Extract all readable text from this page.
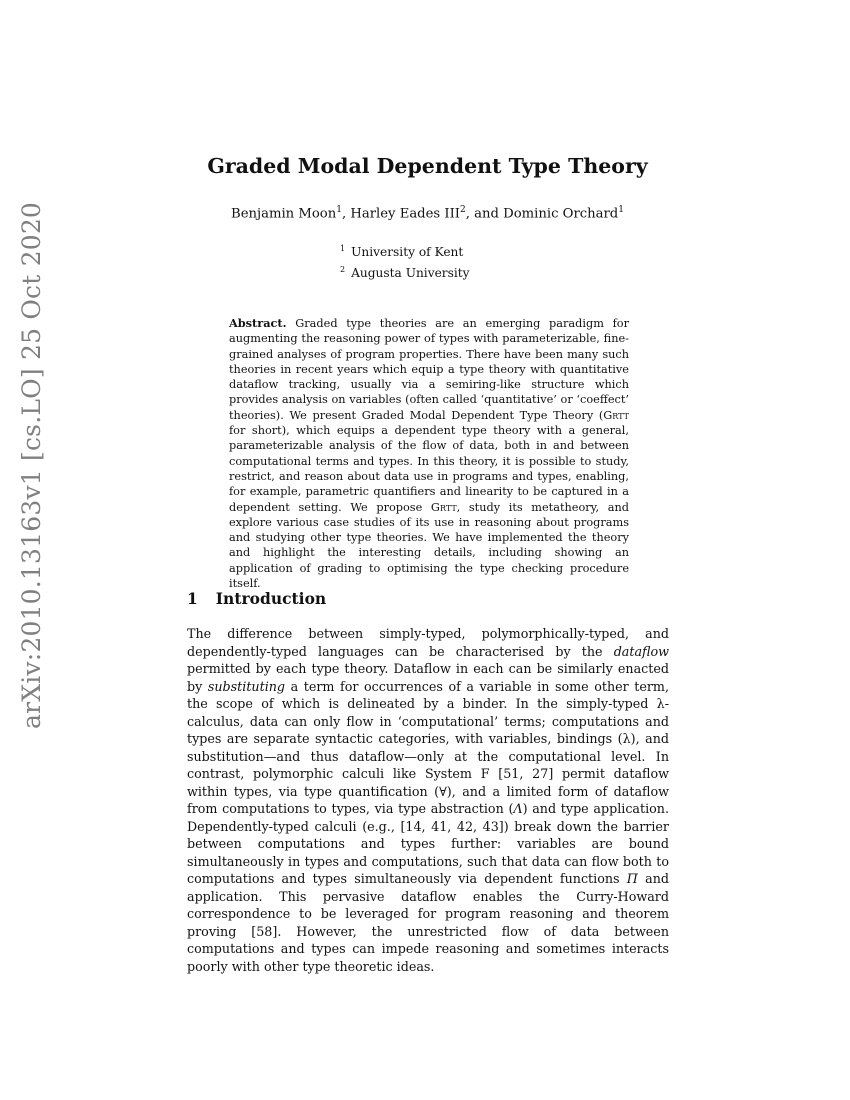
arXiv:2010.13163v1 [cs.LO] 25 Oct 2020
Graded Modal Dependent Type Theory
Benjamin Moon$^1$, Harley Eades III$^2$, and Dominic Orchard$^1$
$^1$ University of Kent
$^2$ Augusta University

Abstract. Graded type theories are an emerging paradigm for augmenting the reasoning power of types with parameterizable, fine-grained analyses of program properties. There have been many such theories in recent years which equip a type theory with quantitative dataflow tracking, usually via a semiring-like structure which provides analysis on variables (often called ‘quantitative’ or ‘coeffect’ theories). We present Graded Modal Dependent Type Theory (Grtt for short), which equips a dependent type theory with a general, parameterizable analysis of the flow of data, both in and between computational terms and types. In this theory, it is possible to study, restrict, and reason about data use in programs and types, enabling, for example, parametric quantifiers and linearity to be captured in a dependent setting. We propose Grtt, study its metatheory, and explore various case studies of its use in reasoning about programs and studying other type theories. We have implemented the theory and highlight the interesting details, including showing an application of grading to optimising the type checking procedure itself.

1 Introduction

The difference between simply-typed, polymorphically-typed, and dependently-typed languages can be characterised by the dataflow permitted by each type theory. Dataflow in each can be similarly enacted by substituting a term for occurrences of a variable in some other term, the scope of which is delineated by a binder. In the simply-typed λ-calculus, data can only flow in ‘computational’ terms; computations and types are separate syntactic categories, with variables, bindings (λ), and substitution—and thus dataflow—only at the computational level. In contrast, polymorphic calculi like System F [51, 27] permit dataflow within types, via type quantification (∀), and a limited form of dataflow from computations to types, via type abstraction (Λ) and type application. Dependently-typed calculi (e.g., [14, 41, 42, 43]) break down the barrier between computations and types further: variables are bound simultaneously in types and computations, such that data can flow both to computations and types simultaneously via dependent functions Π and application. This pervasive dataflow enables the Curry-Howard correspondence to be leveraged for program reasoning and theorem proving [58]. However, the unrestricted flow of data between computations and types can impede reasoning and sometimes interacts poorly with other type theoretic ideas.
